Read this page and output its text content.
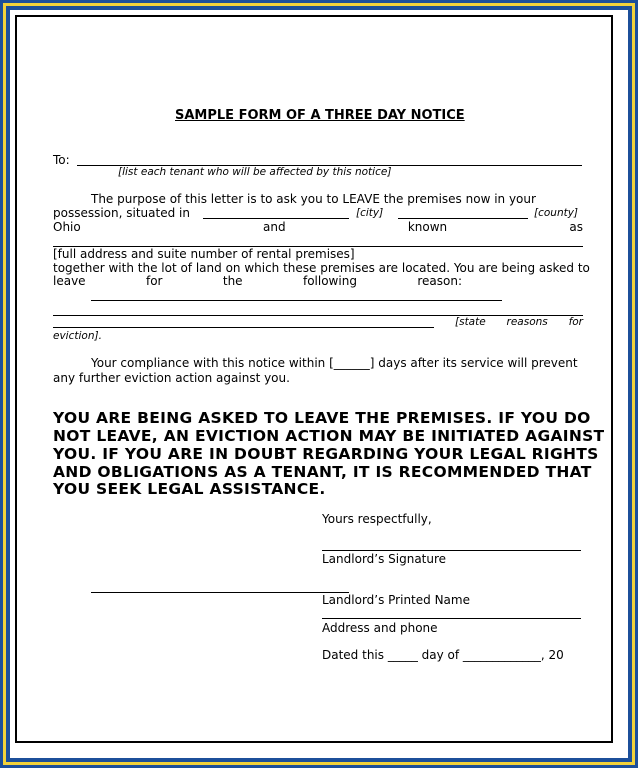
SAMPLE FORM OF A THREE DAY NOTICE
To:
[list each tenant who will be affected by this notice]
The purpose of this letter is to ask you to LEAVE the premises now in your
possession, situated in	[city]	[county]
Ohio	and	known	as
[full address and suite number of rental premises]
together with the lot of land on which these premises are located. You are being asked to
leave	for	the	following	reason:
[state reasons for
eviction].
Your compliance with this notice within [______] days after its service will prevent
any further eviction action against you.
YOU ARE BEING ASKED TO LEAVE THE PREMISES. IF YOU DO
NOT LEAVE, AN EVICTION ACTION MAY BE INITIATED AGAINST
YOU. IF YOU ARE IN DOUBT REGARDING YOUR LEGAL RIGHTS
AND OBLIGATIONS AS A TENANT, IT IS RECOMMENDED THAT
YOU SEEK LEGAL ASSISTANCE.
Yours respectfully,
Landlord’s Signature
Landlord’s Printed Name
Address and phone
Dated this _____ day of _____________, 20
